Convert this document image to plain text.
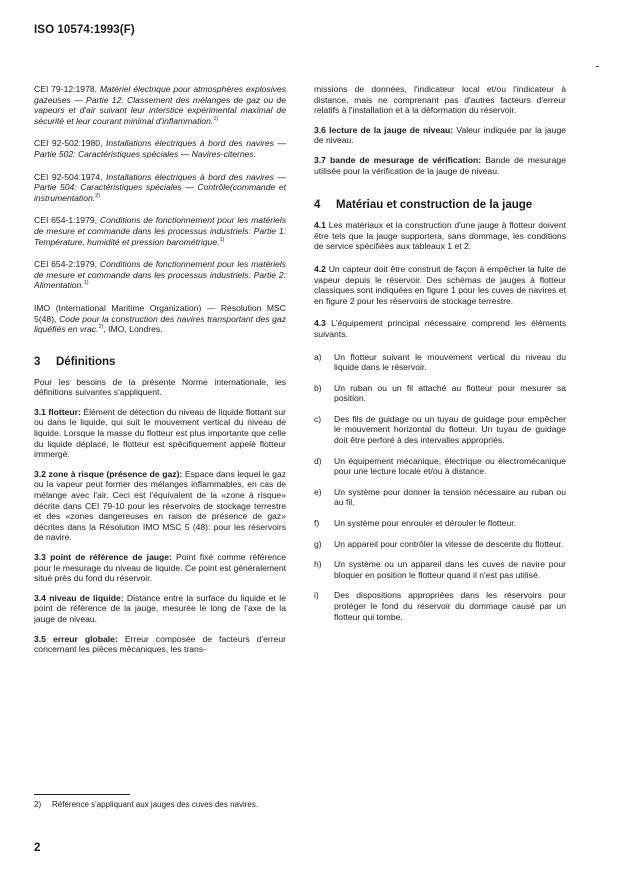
ISO 10574:1993(F)

CEI 79-12:1978, Matériel électrique pour atmosphères explosives gazeuses — Partie 12: Classement des mélanges de gaz ou de vapeurs et d'air suivant leur interstice expérimental maximal de sécurité et leur courant minimal d'inflammation.$^{1)}$

CEI 92-502:1980, Installations électriques à bord des navires — Partie 502: Caractéristiques spéciales — Navires-citernes.

CEI 92-504:1974, Installations électriques à bord des navires — Partie 504: Caractéristiques spéciales — Contrôle(commande et instrumentation.$^{2)}$

CEI 654-1:1979, Conditions de fonctionnement pour les matériels de mesure et commande dans les processus industriels: Partie 1: Température, humidité et pression barométrique.$^{1)}$

CEI 654-2:1979, Conditions de fonctionnement pour les matériels de mesure et commande dans les processus industriels: Partie 2: Alimentation.$^{1)}$

IMO (International Maritime Organization) — Résolution MSC 5(48), Code pour la construction des navires transportant des gaz liquéfiés en vrac.$^{2)}$, IMO, Londres.

3 Définitions

Pour les besoins de la présente Norme internationale, les définitions suivantes s'appliquent.

3.1 flotteur: Élément de détection du niveau de liquide flottant sur ou dans le liquide, qui suit le mouvement vertical du niveau de liquide. Lorsque la masse du flotteur est plus importante que celle du liquide déplacé, le flotteur est spécifiquement appelé flotteur immergé.

3.2 zone à risque (présence de gaz): Espace dans lequel le gaz ou la vapeur peut former des mélanges inflammables, en cas de mélange avec l'air. Ceci est l'équivalent de la «zone à risque» décrite dans CEI 79-10 pour les réservoirs de stockage terrestre et des «zones dangereuses en raison de présence de gaz» décrites dans la Résolution IMO MSC 5 (48): pour les réservoirs de navire.

3.3 point de référence de jauge: Point fixé comme référence pour le mesurage du niveau de liquide. Ce point est généralement situé près du fond du réservoir.

3.4 niveau de liquide: Distance entre la surface du liquide et le point de référence de la jauge, mesurée le long de l'axe de la jauge de niveau.

3.5 erreur globale: Erreur composée de facteurs d'erreur concernant les pièces mécaniques, les trans-

missions de données, l'indicateur local et/ou l'indicateur à distance, mais ne comprenant pas d'autres facteurs d'erreur relatifs à l'installation et à la déformation du réservoir.

3.6 lecture de la jauge de niveau: Valeur indiquée par la jauge de niveau.

3.7 bande de mesurage de vérification: Bande de mesurage utilisée pour la vérification de la jauge de niveau.

4 Matériau et construction de la jauge

4.1 Les matériaux et la construction d'une jauge à flotteur doivent être tels que la jauge supportera, sans dommage, les conditions de service spécifiées aux tableaux 1 et 2.

4.2 Un capteur doit être construit de façon à empêcher la fuite de vapeur depuis le réservoir. Des schémas de jauges à flotteur classiques sont indiquées en figure 1 pour les cuves de navires et en figure 2 pour les réservoirs de stockage terrestre.

4.3 L'équipement principal nécessaire comprend les éléments suivants.

a) Un flotteur suivant le mouvement vertical du niveau du liquide dans le réservoir.
b) Un ruban ou un fil attaché au flotteur pour mesurer sa position.
c) Des fils de guidage ou un tuyau de guidage pour empêcher le mouvement horizontal du flotteur. Un tuyau de guidage doit être perforé à des intervalles appropriés.
d) Un équipement mécanique, électrique ou électromécanique pour une lecture locale et/ou à distance.
e) Un système pour donner la tension nécessaire au ruban ou au fil.
f) Un système pour enrouler et dérouler le flotteur.
g) Un appareil pour contrôler la vitesse de descente du flotteur.
h) Un système ou un appareil dans les cuves de navire pour bloquer en position le flotteur quand il n'est pas utilisé.
i) Des dispositions appropriées dans les réservoirs pour protéger le fond du réservoir du dommage causé par un flotteur qui tombe.
2) Référence s'appliquant aux jauges des cuves des navires.
2
